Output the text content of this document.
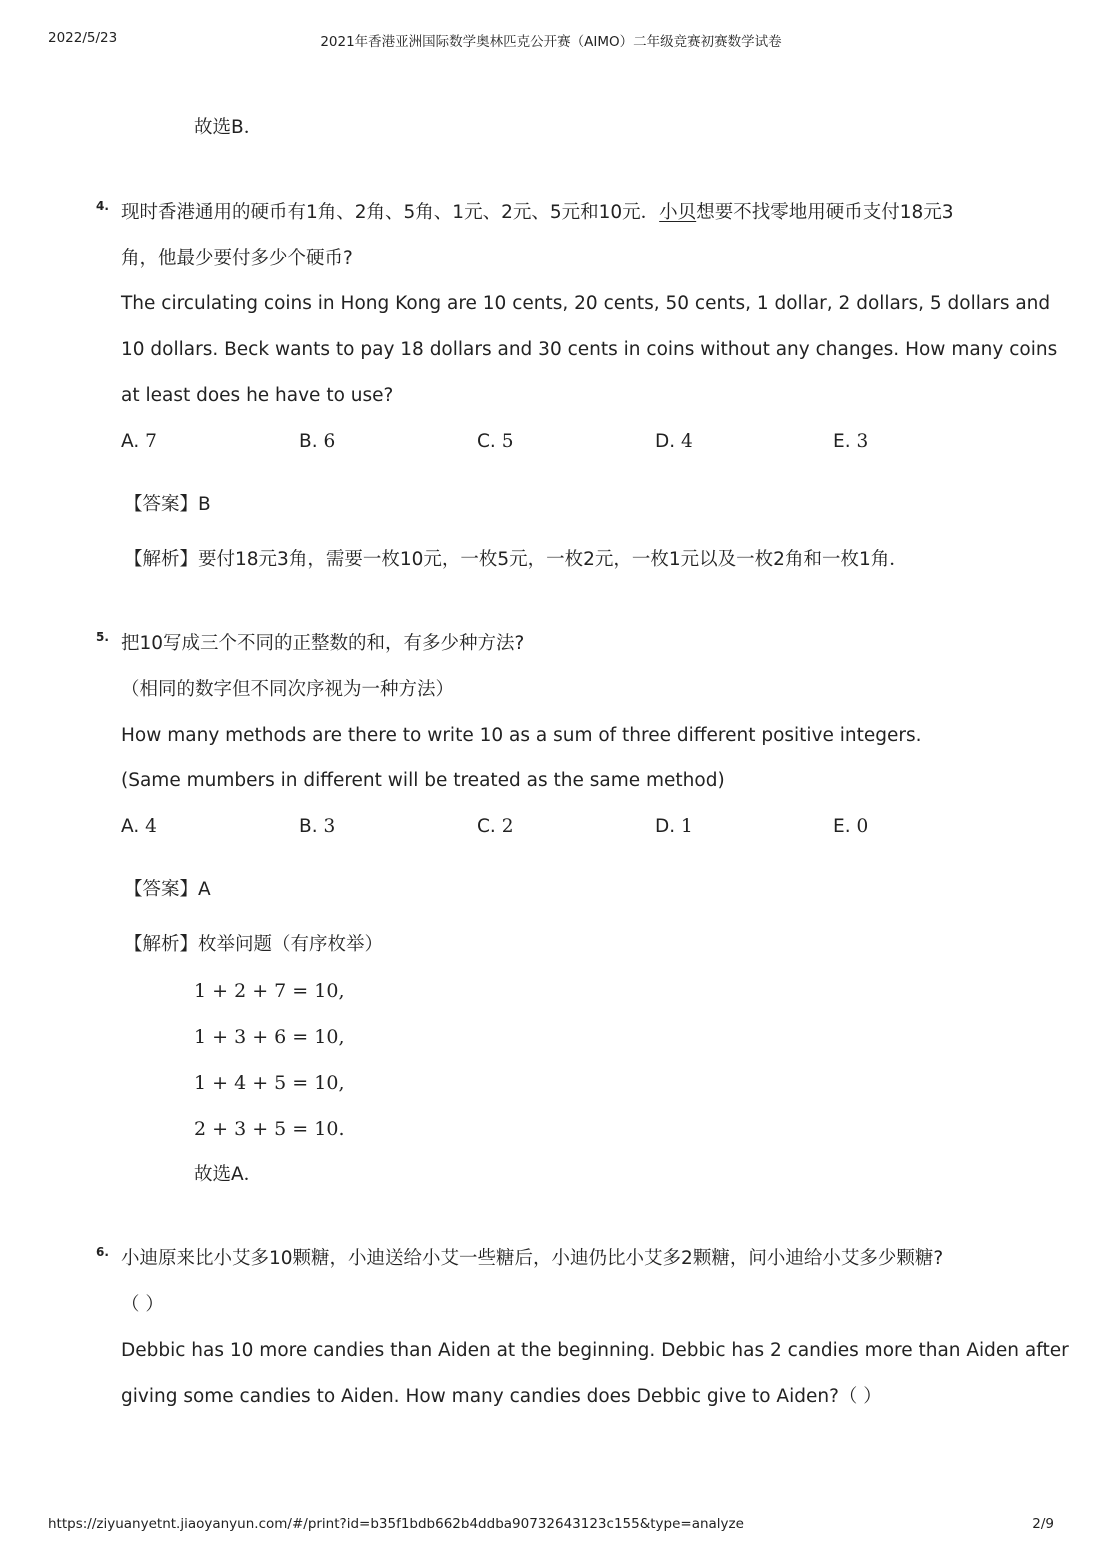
2022/5/23	2021年香港亚洲国际数学奥林匹克公开赛（AIMO）二年级竞赛初赛数学试卷
故选B．
4. 现时香港通用的硬币有1角、2角、5角、1元、2元、5元和10元．小贝想要不找零地用硬币支付18元3
角，他最少要付多少个硬币?
The circulating coins in Hong Kong are 10 cents, 20 cents, 50 cents, 1 dollar, 2 dollars, 5 dollars and
10 dollars. Beck wants to pay 18 dollars and 30 cents in coins without any changes. How many coins
at least does he have to use?
A. 7	B. 6	C. 5	D. 4	E. 3
【答案】B
【解析】要付18元3角，需要一枚10元，一枚5元，一枚2元，一枚1元以及一枚2角和一枚1角．
5. 把10写成三个不同的正整数的和，有多少种方法?
（相同的数字但不同次序视为一种方法）
How many methods are there to write 10 as a sum of three different positive integers.
(Same mumbers in different will be treated as the same method)
A. 4	B. 3	C. 2	D. 1	E. 0
【答案】A
【解析】枚举问题（有序枚举）
1 + 2 + 7 = 10,
1 + 3 + 6 = 10,
1 + 4 + 5 = 10,
2 + 3 + 5 = 10.
故选A．
6. 小迪原来比小艾多10颗糖，小迪送给小艾一些糖后，小迪仍比小艾多2颗糖，问小迪给小艾多少颗糖?
（ ）
Debbic has 10 more candies than Aiden at the beginning. Debbic has 2 candies more than Aiden after
giving some candies to Aiden. How many candies does Debbic give to Aiden?（ ）
https://ziyuanyetnt.jiaoyanyun.com/#/print?id=b35f1bdb662b4ddba90732643123c155&type=analyze	2/9
